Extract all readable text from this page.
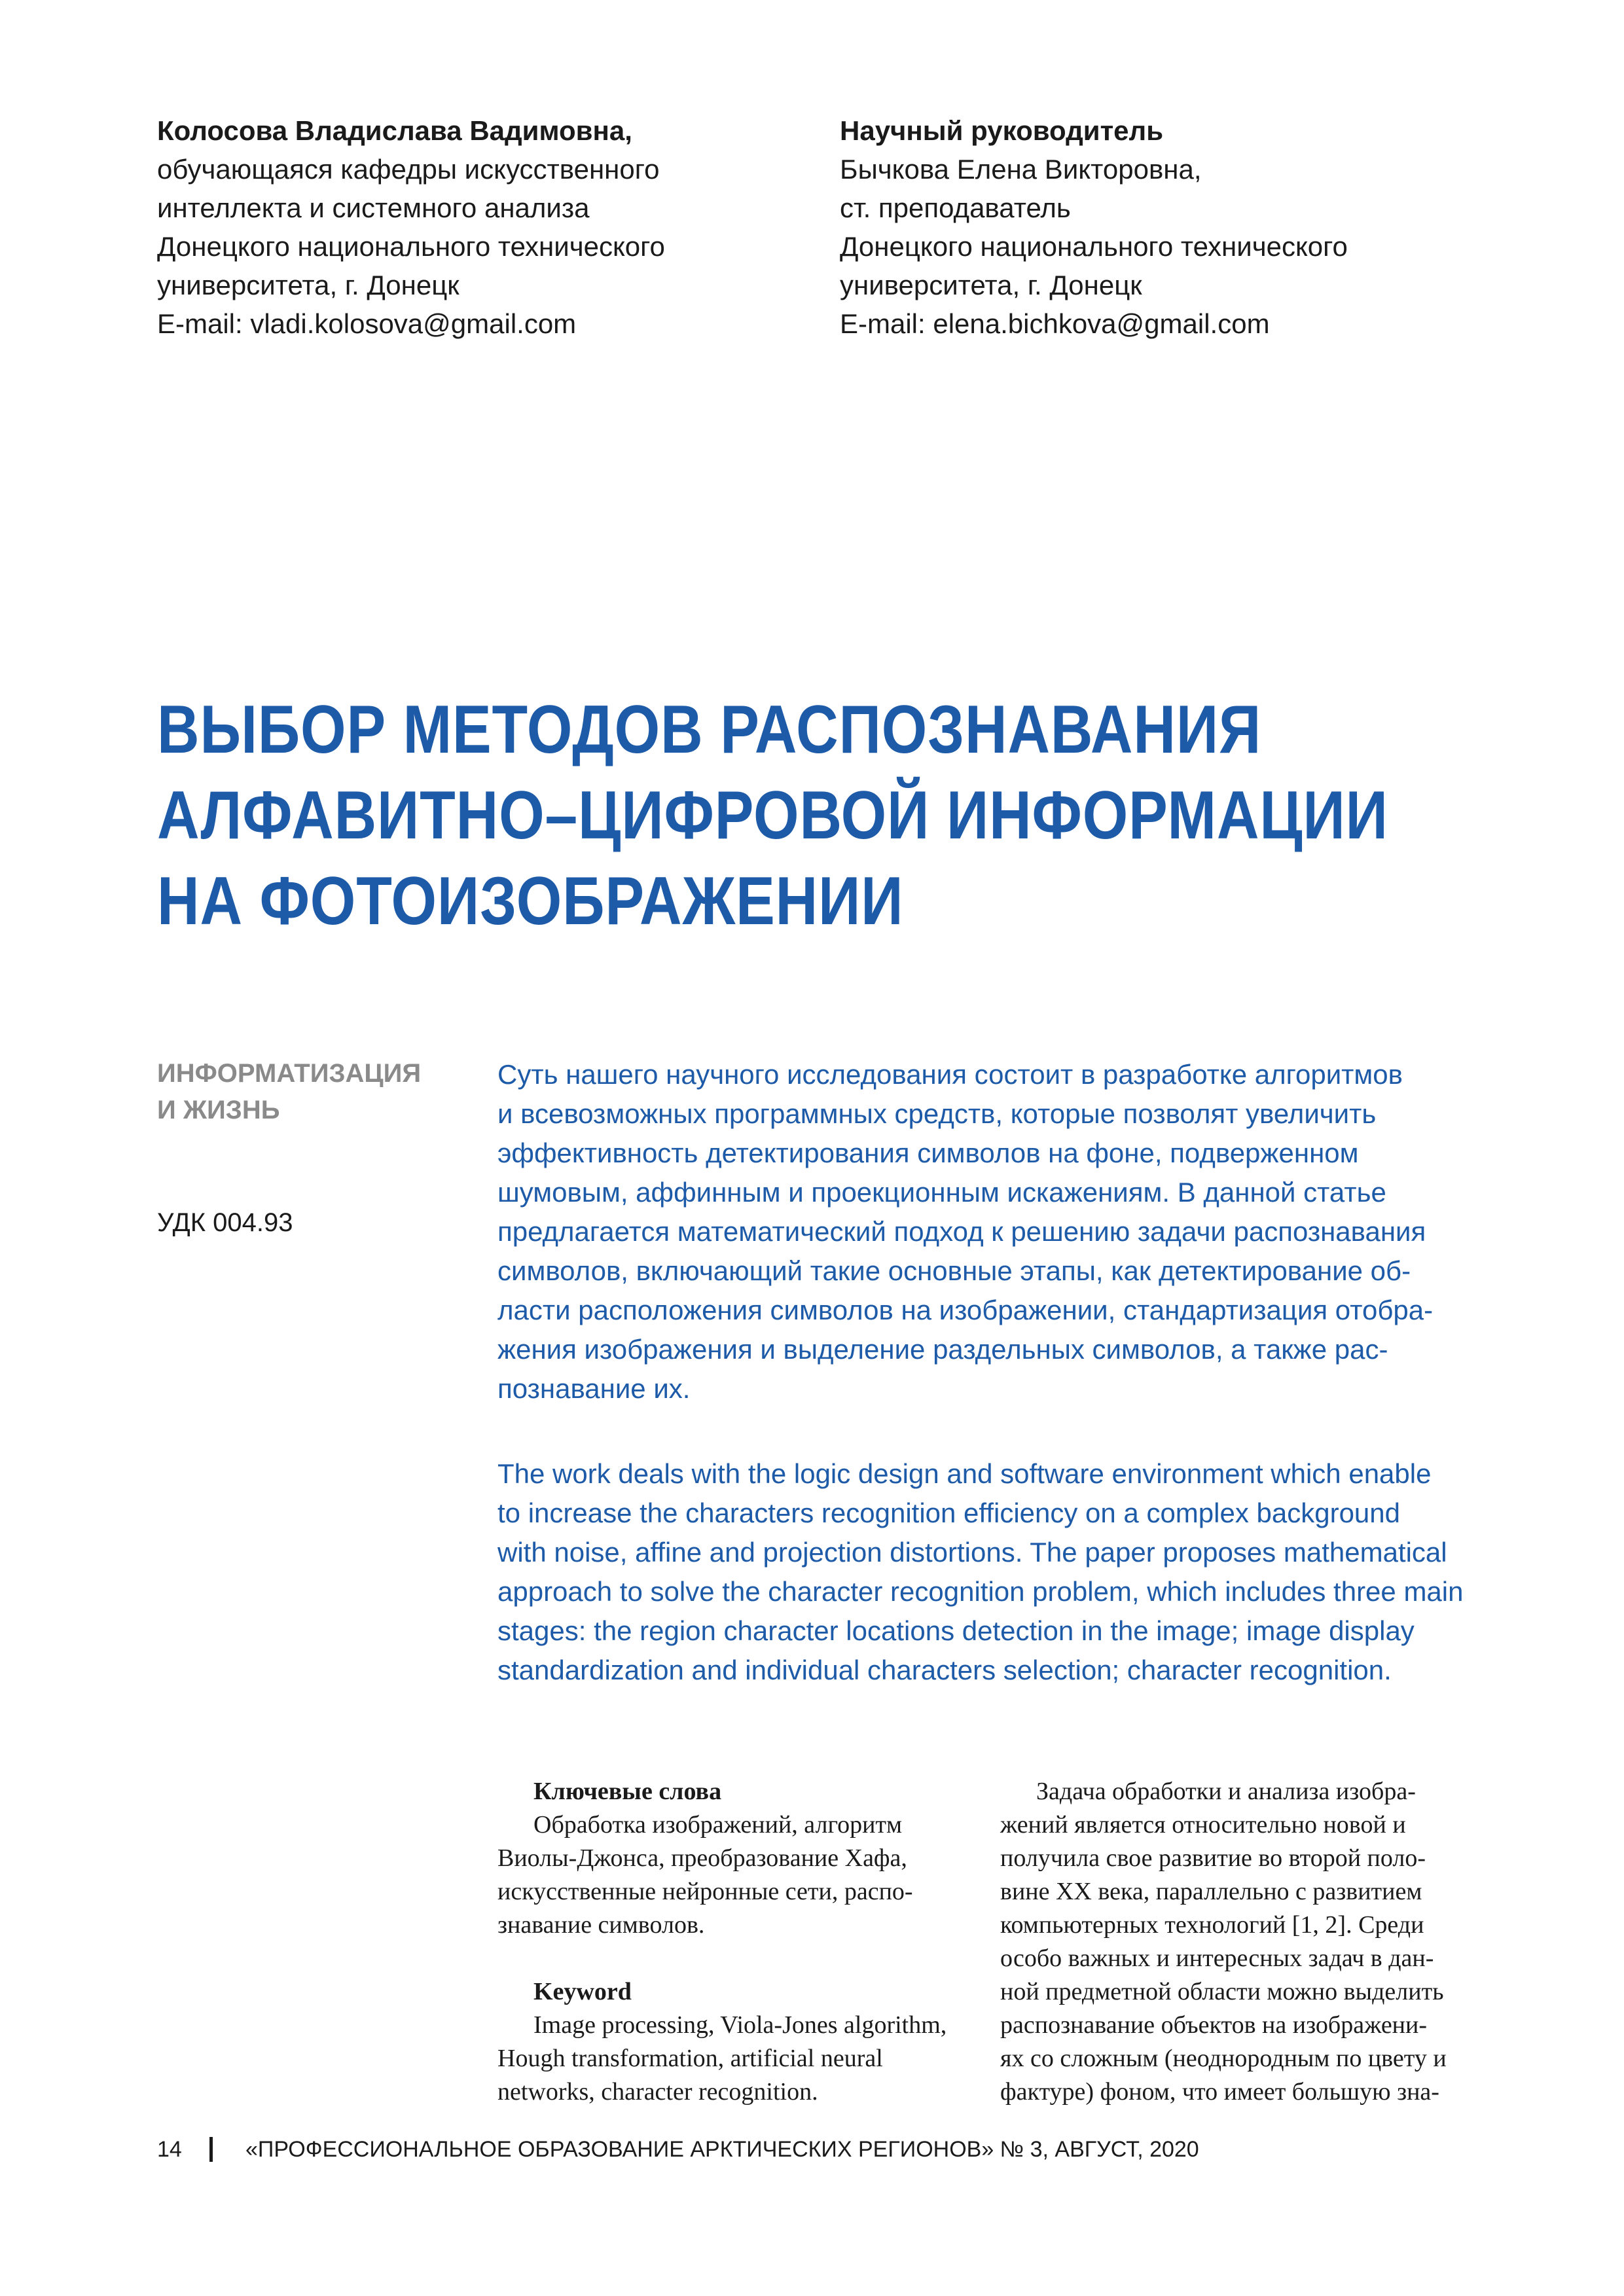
Колосова Владислава Вадимовна,
обучающаяся кафедры искусственного
интеллекта и системного анализа
Донецкого национального технического
университета, г. Донецк
E-mail: vladi.kolosova@gmail.com
Научный руководитель
Бычкова Елена Викторовна,
ст. преподаватель
Донецкого национального технического
университета, г. Донецк
E-mail: elena.bichkova@gmail.com
ВЫБОР МЕТОДОВ РАСПОЗНАВАНИЯ
АЛФАВИТНО–ЦИФРОВОЙ ИНФОРМАЦИИ
НА ФОТОИЗОБРАЖЕНИИ
ИНФОРМАТИЗАЦИЯ
И ЖИЗНЬ
УДК 004.93
Суть нашего научного исследования состоит в разработке алгоритмов
и всевозможных программных средств, которые позволят увеличить
эффективность детектирования символов на фоне, подверженном
шумовым, аффинным и проекционным искажениям. В данной статье
предлагается математический подход к решению задачи распознавания
символов, включающий такие основные этапы, как детектирование об-
ласти расположения символов на изображении, стандартизация отобра-
жения изображения и выделение раздельных символов, а также рас-
познавание их.
The work deals with the logic design and software environment which enable
to increase the characters recognition efficiency on a complex background
with noise, affine and projection distortions. The paper proposes mathematical
approach to solve the character recognition problem, which includes three main
stages: the region character locations detection in the image; image display
standardization and individual characters selection; character recognition.
Ключевые слова
Обработка изображений, алгоритм
Виолы-Джонса, преобразование Хафа,
искусственные нейронные сети, распо-
знавание символов.
Keyword
Image processing, Viola-Jones algorithm,
Hough transformation, artificial neural
networks, character recognition.
Задача обработки и анализа изобра-
жений является относительно новой и
получила свое развитие во второй поло-
вине XX века, параллельно с развитием
компьютерных технологий [1, 2]. Среди
особо важных и интересных задач в дан-
ной предметной области можно выделить
распознавание объектов на изображени-
ях со сложным (неоднородным по цвету и
фактуре) фоном, что имеет большую зна-
14	«ПРОФЕССИОНАЛЬНОЕ ОБРАЗОВАНИЕ АРКТИЧЕСКИХ РЕГИОНОВ» № 3, АВГУСТ, 2020
